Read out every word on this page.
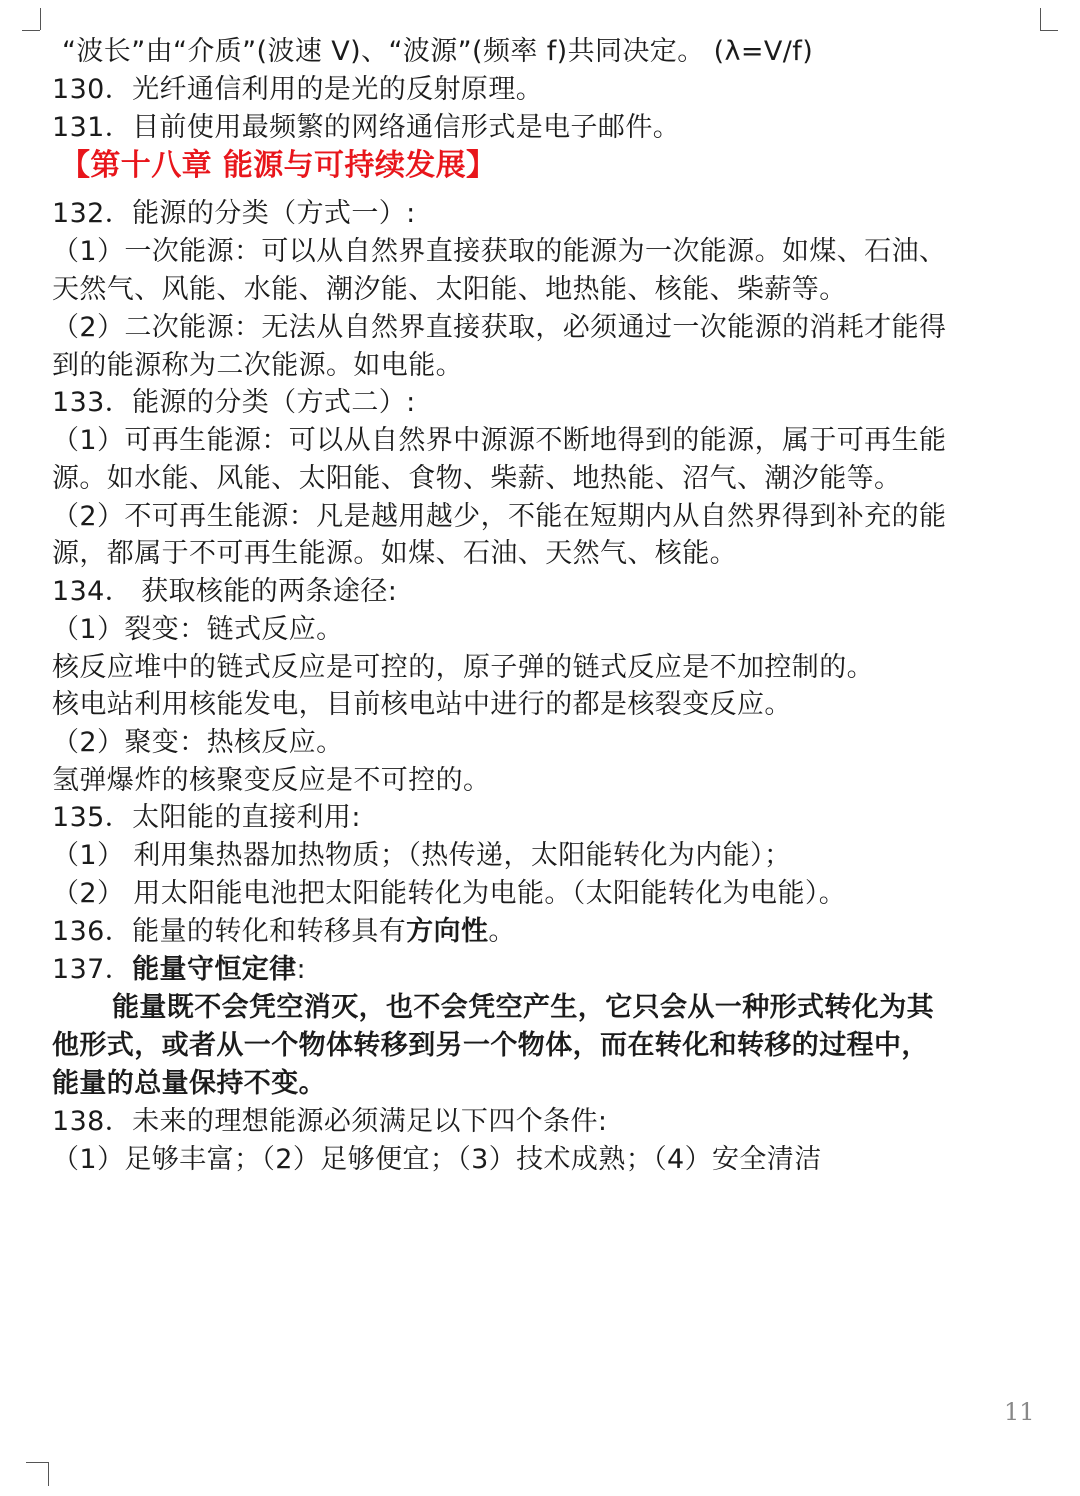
“波长”由“介质”(波速 V)、“波源”(频率 f)共同决定。 (λ=V/f)
130．光纤通信利用的是光的反射原理。
131．目前使用最频繁的网络通信形式是电子邮件。
【第十八章 能源与可持续发展】
132．能源的分类（方式一）:
（1）一次能源：可以从自然界直接获取的能源为一次能源。如煤、石油、
天然气、风能、水能、潮汐能、太阳能、地热能、核能、柴薪等。
（2）二次能源：无法从自然界直接获取，必须通过一次能源的消耗才能得
到的能源称为二次能源。如电能。
133．能源的分类（方式二）:
（1）可再生能源：可以从自然界中源源不断地得到的能源，属于可再生能
源。如水能、风能、太阳能、食物、柴薪、地热能、沼气、潮汐能等。
（2）不可再生能源：凡是越用越少，不能在短期内从自然界得到补充的能
源，都属于不可再生能源。如煤、石油、天然气、核能。
134． 获取核能的两条途径:
（1）裂变：链式反应。
核反应堆中的链式反应是可控的，原子弹的链式反应是不加控制的。
核电站利用核能发电，目前核电站中进行的都是核裂变反应。
（2）聚变：热核反应。
氢弹爆炸的核聚变反应是不可控的。
135．太阳能的直接利用:
（1） 利用集热器加热物质；（热传递，太阳能转化为内能）；
（2） 用太阳能电池把太阳能转化为电能。（太阳能转化为电能）。
136．能量的转化和转移具有方向性。
137．能量守恒定律:
能量既不会凭空消灭，也不会凭空产生，它只会从一种形式转化为其
他形式，或者从一个物体转移到另一个物体，而在转化和转移的过程中，
能量的总量保持不变。
138．未来的理想能源必须满足以下四个条件:
（1）足够丰富；（2）足够便宜；（3）技术成熟；（4）安全清洁
11
